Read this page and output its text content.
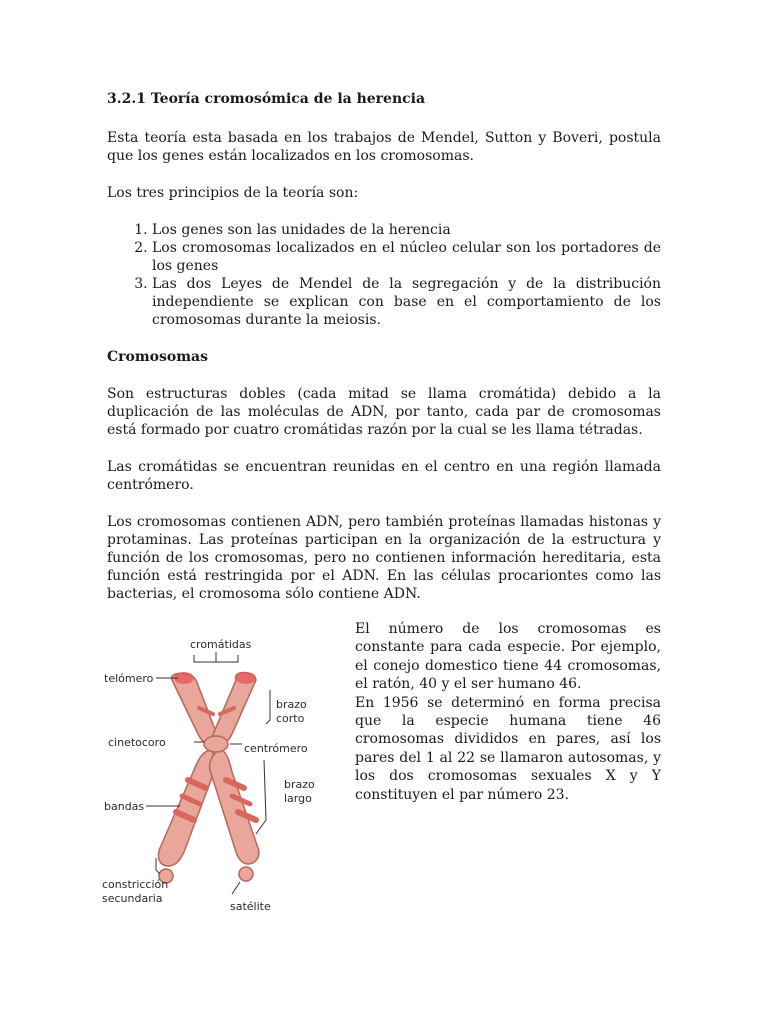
3.2.1 Teoría cromosómica de la herencia

Esta teoría esta basada en los trabajos de Mendel, Sutton y Boveri, postula que los genes están localizados en los cromosomas.

Los tres principios de la teoría son:

1. Los genes son las unidades de la herencia
2. Los cromosomas localizados en el núcleo celular son los portadores de los genes
3. Las dos Leyes de Mendel de la segregación y de la distribución independiente se explican con base en el comportamiento de los cromosomas durante la meiosis.
Cromosomas

Son estructuras dobles (cada mitad se llama cromátida) debido a la duplicación de las moléculas de ADN, por tanto, cada par de cromosomas está formado por cuatro cromátidas razón por la cual se les llama tétradas.

Las cromátidas se encuentran reunidas en el centro en una región llamada centrómero.

Los cromosomas contienen ADN, pero también proteínas llamadas histonas y protaminas. Las proteínas participan en la organización de la estructura y función de los cromosomas, pero no contienen información hereditaria, esta función está restringida por el ADN. En las células procariontes como las bacterias, el cromosoma sólo contiene ADN.

cromátidas
telómero
brazo
corto
cinetocoro	centrómero
brazo
largo
bandas
satélite
constricción
secundaria

El número de los cromosomas es constante para cada especie. Por ejemplo, el conejo domestico tiene 44 cromosomas, el ratón, 40 y el ser humano 46.

En 1956 se determinó en forma precisa que la especie humana tiene 46 cromosomas divididos en pares, así los pares del 1 al 22 se llamaron autosomas, y los dos cromosomas sexuales X y Y constituyen el par número 23.
